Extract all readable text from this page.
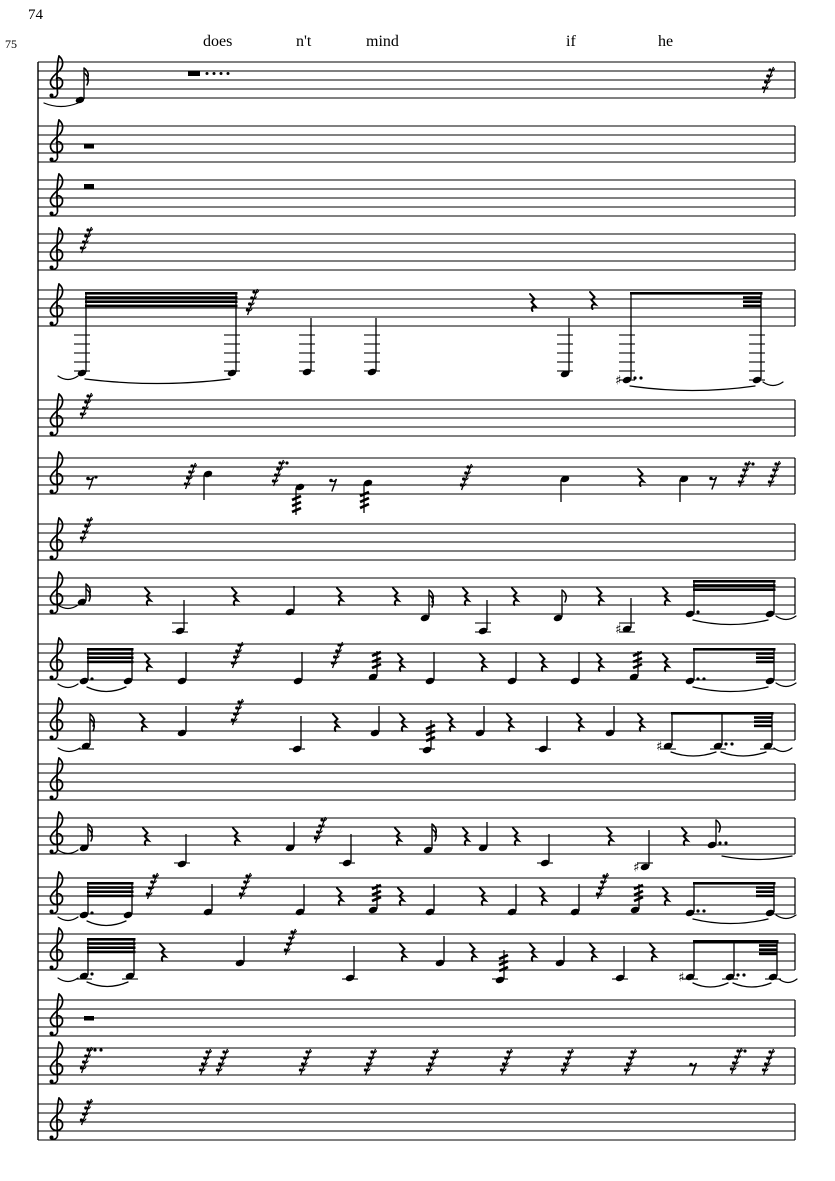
♯
♯
♯
♯
♯
74
75	does	n't	mind	if	he
